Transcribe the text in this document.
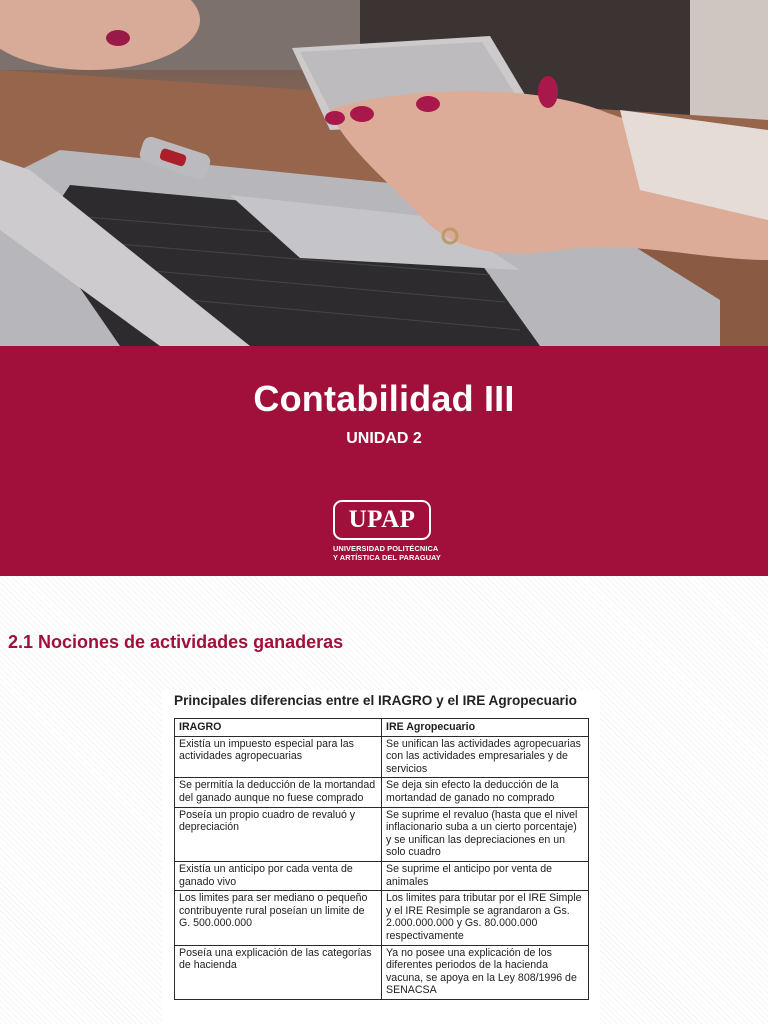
Contabilidad III
UNIDAD 2
UPAP
UNIVERSIDAD POLITÉCNICA
Y ARTÍSTICA DEL PARAGUAY
2.1 Nociones de actividades ganaderas
Principales diferencias entre el IRAGRO y el IRE Agropecuario
IRAGRO	IRE Agropecuario
Existía un impuesto especial para las actividades agropecuarias	Se unifican las actividades agropecuarias con las actividades empresariales y de servicios
Se permitía la deducción de la mortandad del ganado aunque no fuese comprado	Se deja sin efecto la deducción de la mortandad de ganado no comprado
Poseía un propio cuadro de revaluó y depreciación	Se suprime el revaluo (hasta que el nivel inflacionario suba a un cierto porcentaje) y se unifican las depreciaciones en un solo cuadro
Existía un anticipo por cada venta de ganado vivo	Se suprime el anticipo por venta de animales
Los limites para ser mediano o pequeño contribuyente rural poseían un limite de G. 500.000.000	Los limites para tributar por el IRE Simple y el IRE Resimple se agrandaron a Gs. 2.000.000.000 y Gs. 80.000.000 respectivamente
Poseía una explicación de las categorías de hacienda	Ya no posee una explicación de los diferentes periodos de la hacienda vacuna, se apoya en la Ley 808/1996 de SENACSA
